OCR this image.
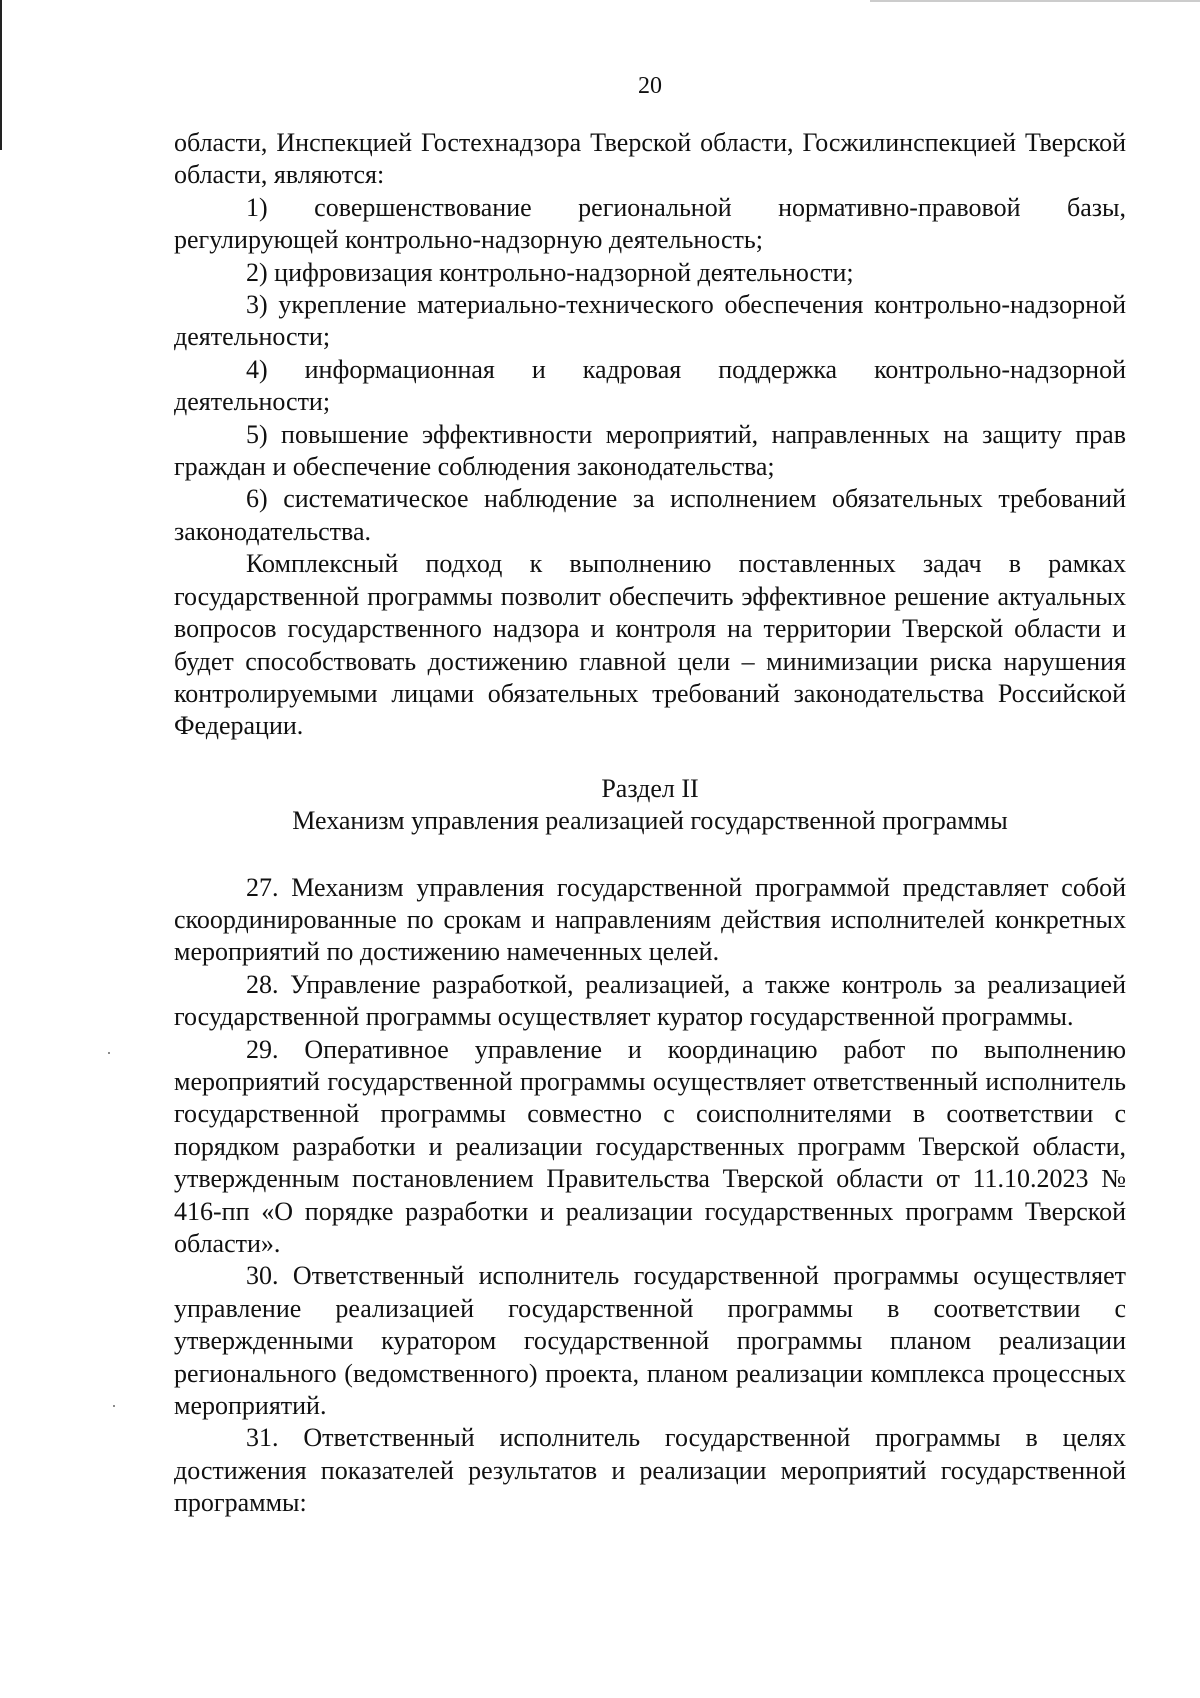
20

области, Инспекцией Гостехнадзора Тверской области, Госжилинспекцией Тверской области, являются:

1) совершенствование региональной нормативно-правовой базы, регулирующей контрольно-надзорную деятельность;

2) цифровизация контрольно-надзорной деятельности;

3) укрепление материально-технического обеспечения контрольно-надзорной деятельности;

4) информационная и кадровая поддержка контрольно-надзорной деятельности;

5) повышение эффективности мероприятий, направленных на защиту прав граждан и обеспечение соблюдения законодательства;

6) систематическое наблюдение за исполнением обязательных требований законодательства.

Комплексный подход к выполнению поставленных задач в рамках государственной программы позволит обеспечить эффективное решение актуальных вопросов государственного надзора и контроля на территории Тверской области и будет способствовать достижению главной цели – минимизации риска нарушения контролируемыми лицами обязательных требований законодательства Российской Федерации.

Раздел II
Механизм управления реализацией государственной программы

27. Механизм управления государственной программой представляет собой скоординированные по срокам и направлениям действия исполнителей конкретных мероприятий по достижению намеченных целей.

28. Управление разработкой, реализацией, а также контроль за реализацией государственной программы осуществляет куратор государственной программы.

29. Оперативное управление и координацию работ по выполнению мероприятий государственной программы осуществляет ответственный исполнитель государственной программы совместно с соисполнителями в соответствии с порядком разработки и реализации государственных программ Тверской области, утвержденным постановлением Правительства Тверской области от 11.10.2023 № 416-пп «О порядке разработки и реализации государственных программ Тверской области».

30. Ответственный исполнитель государственной программы осуществляет управление реализацией государственной программы в соответствии с утвержденными куратором государственной программы планом реализации регионального (ведомственного) проекта, планом реализации комплекса процессных мероприятий.

31. Ответственный исполнитель государственной программы в целях достижения показателей результатов и реализации мероприятий государственной программы:
